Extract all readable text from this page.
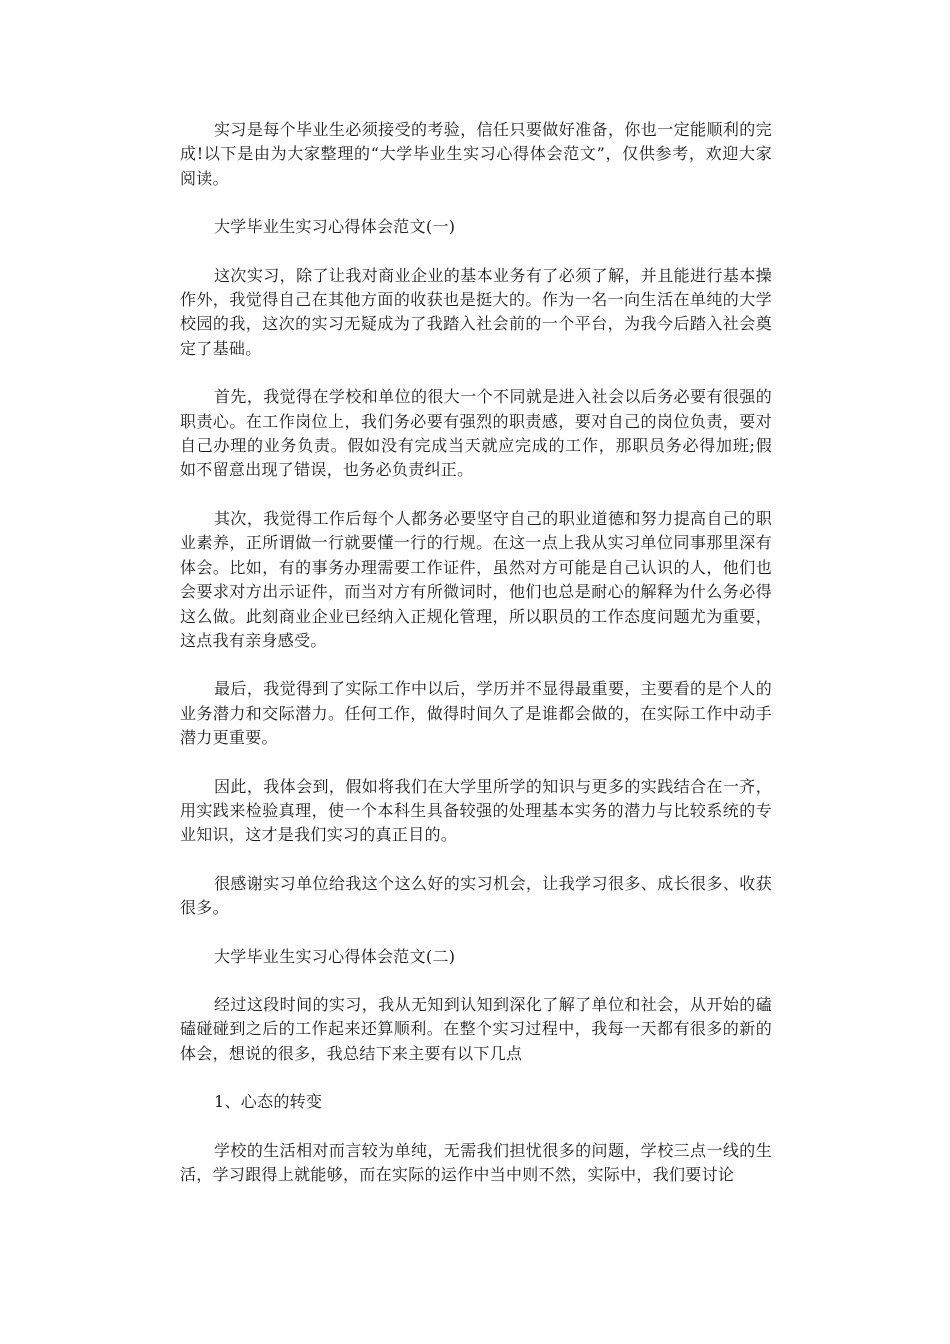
实习是每个毕业生必须接受的考验，信任只要做好准备，你也一定能顺利的完成!以下是由为大家整理的“大学毕业生实习心得体会范文”，仅供参考，欢迎大家阅读。

大学毕业生实习心得体会范文(一)

这次实习，除了让我对商业企业的基本业务有了必须了解，并且能进行基本操作外，我觉得自己在其他方面的收获也是挺大的。作为一名一向生活在单纯的大学校园的我，这次的实习无疑成为了我踏入社会前的一个平台，为我今后踏入社会奠定了基础。

首先，我觉得在学校和单位的很大一个不同就是进入社会以后务必要有很强的职责心。在工作岗位上，我们务必要有强烈的职责感，要对自己的岗位负责，要对自己办理的业务负责。假如没有完成当天就应完成的工作，那职员务必得加班;假如不留意出现了错误，也务必负责纠正。

其次，我觉得工作后每个人都务必要坚守自己的职业道德和努力提高自己的职业素养，正所谓做一行就要懂一行的行规。在这一点上我从实习单位同事那里深有体会。比如，有的事务办理需要工作证件，虽然对方可能是自己认识的人，他们也会要求对方出示证件，而当对方有所微词时，他们也总是耐心的解释为什么务必得这么做。此刻商业企业已经纳入正规化管理，所以职员的工作态度问题尤为重要，这点我有亲身感受。

最后，我觉得到了实际工作中以后，学历并不显得最重要，主要看的是个人的业务潜力和交际潜力。任何工作，做得时间久了是谁都会做的，在实际工作中动手潜力更重要。

因此，我体会到，假如将我们在大学里所学的知识与更多的实践结合在一齐，用实践来检验真理，使一个本科生具备较强的处理基本实务的潜力与比较系统的专业知识，这才是我们实习的真正目的。

很感谢实习单位给我这个这么好的实习机会，让我学习很多、成长很多、收获很多。

大学毕业生实习心得体会范文(二)

经过这段时间的实习，我从无知到认知到深化了解了单位和社会，从开始的磕磕碰碰到之后的工作起来还算顺利。在整个实习过程中，我每一天都有很多的新的体会，想说的很多，我总结下来主要有以下几点

1、心态的转变

学校的生活相对而言较为单纯，无需我们担忧很多的问题，学校三点一线的生活，学习跟得上就能够，而在实际的运作中当中则不然，实际中，我们要讨论
